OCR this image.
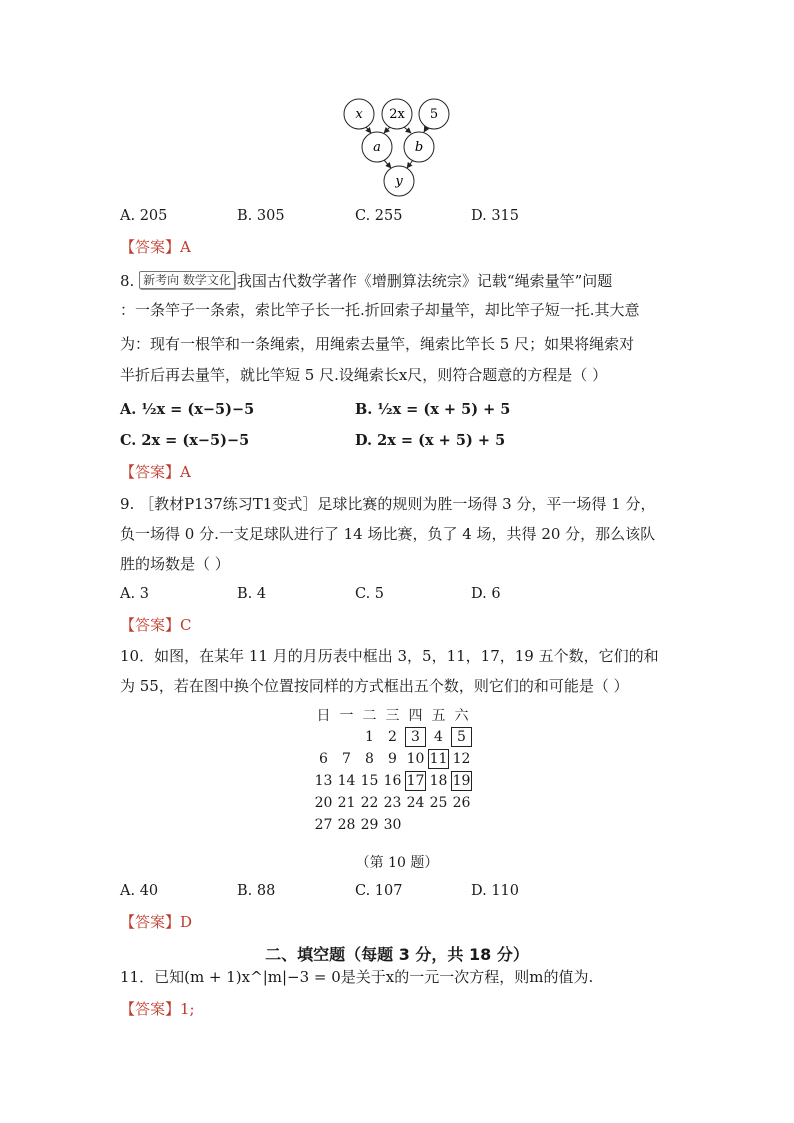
x 2x 5
a	b
y
A. 205	B. 305	C. 255	D. 315
【答案】A
8. 新考向 数学文化 我国古代数学著作《增删算法统宗》记载“绳索量竿”问题
：一条竿子一条索，索比竿子长一托.折回索子却量竿，却比竿子短一托.其大意
为：现有一根竿和一条绳索，用绳索去量竿，绳索比竿长 5 尺；如果将绳索对
半折后再去量竿，就比竿短 5 尺.设绳索长x尺，则符合题意的方程是（ ）
A. ½x = (x−5)−5	B. ½x = (x + 5) + 5
C. 2x = (x−5)−5	D. 2x = (x + 5) + 5
【答案】A
9. ［教材P137练习T1变式］足球比赛的规则为胜一场得 3 分，平一场得 1 分，
负一场得 0 分.一支足球队进行了 14 场比赛，负了 4 场，共得 20 分，那么该队
胜的场数是（ ）
A. 3	B. 4	C. 5	D. 6
【答案】C
10．如图，在某年 11 月的月历表中框出 3，5，11，17，19 五个数，它们的和
为 55，若在图中换个位置按同样的方式框出五个数，则它们的和可能是（ ）
日	一	二	三	四	五	六
		1	2	3	4	5
6	7	8	9	10	11	12
13	14	15	16	17	18	19
20	21	22	23	24	25	26
27	28	29	30			
（第 10 题）
A. 40	B. 88	C. 107	D. 110
【答案】D
二、填空题（每题 3 分，共 18 分）
11．已知(m + 1)x^|m|−3 = 0是关于x的一元一次方程，则m的值为.
【答案】1;
